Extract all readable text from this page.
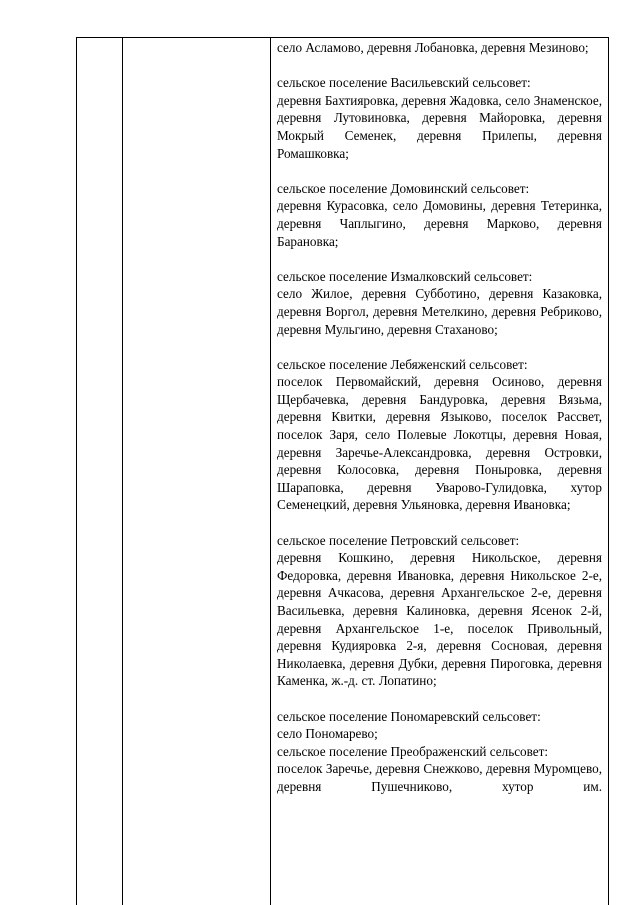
село Асламово, деревня Лобановка, деревня Мезиново;

сельское поселение Васильевский сельсовет:

деревня Бахтияровка, деревня Жадовка, село Знаменское, деревня Лутовиновка, деревня Майоровка, деревня Мокрый Семенек, деревня Прилепы, деревня Ромашковка;

сельское поселение Домовинский сельсовет:

деревня Курасовка, село Домовины, деревня Тетеринка, деревня Чаплыгино, деревня Марково, деревня Барановка;

сельское поселение Измалковский сельсовет:

село Жилое, деревня Субботино, деревня Казаковка, деревня Воргол, деревня Метелкино, деревня Ребриково, деревня Мульгино, деревня Стаханово;

сельское поселение Лебяженский сельсовет:

поселок Первомайский, деревня Осиново, деревня Щербачевка, деревня Бандуровка, деревня Вязьма, деревня Квитки, деревня Языково, поселок Рассвет, поселок Заря, село Полевые Локотцы, деревня Новая, деревня Заречье-Александровка, деревня Островки, деревня Колосовка, деревня Понырoвка, деревня Шараповка, деревня Уварово-Гулидовка, хутор Семенецкий, деревня Ульяновка, деревня Ивановка;

сельское поселение Петровский сельсовет:

деревня Кошкино, деревня Никольское, деревня Федоровка, деревня Ивановка, деревня Никольское 2-е, деревня Ачкасова, деревня Архангельское 2-е, деревня Васильевка, деревня Калиновка, деревня Ясенок 2-й, деревня Архангельское 1-е, поселок Привольный, деревня Кудияровка 2-я, деревня Сосновая, деревня Николаевка, деревня Дубки, деревня Пироговка, деревня Каменка, ж.-д. ст. Лопатино;

сельское поселение Пономаревский сельсовет:

село Пономарево;

сельское поселение Преображенский сельсовет:

поселок Заречье, деревня Снежково, деревня Муромцево, деревня Пушечниково, хутор им.
